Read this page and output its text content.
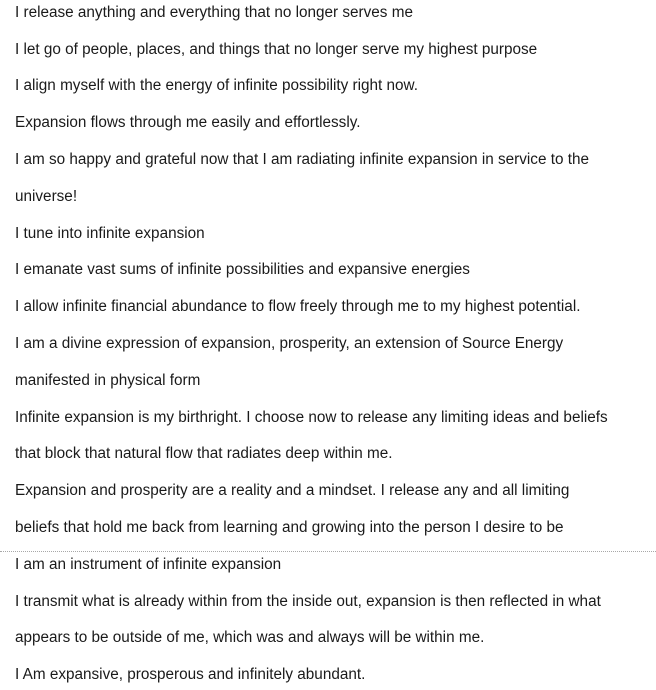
I release anything and everything that no longer serves me
I let go of people, places, and things that no longer serve my highest purpose
I align myself with the energy of infinite possibility right now.
Expansion flows through me easily and effortlessly.
I am so happy and grateful now that I am radiating infinite expansion in service to the
universe!
I tune into infinite expansion
I emanate vast sums of infinite possibilities and expansive energies
I allow infinite financial abundance to flow freely through me to my highest potential.
I am a divine expression of expansion, prosperity, an extension of Source Energy
manifested in physical form
Infinite expansion is my birthright. I choose now to release any limiting ideas and beliefs
that block that natural flow that radiates deep within me.
Expansion and prosperity are a reality and a mindset. I release any and all limiting
beliefs that hold me back from learning and growing into the person I desire to be
I am an instrument of infinite expansion
I transmit what is already within from the inside out, expansion is then reflected in what
appears to be outside of me, which was and always will be within me.
I Am expansive, prosperous and infinitely abundant.
